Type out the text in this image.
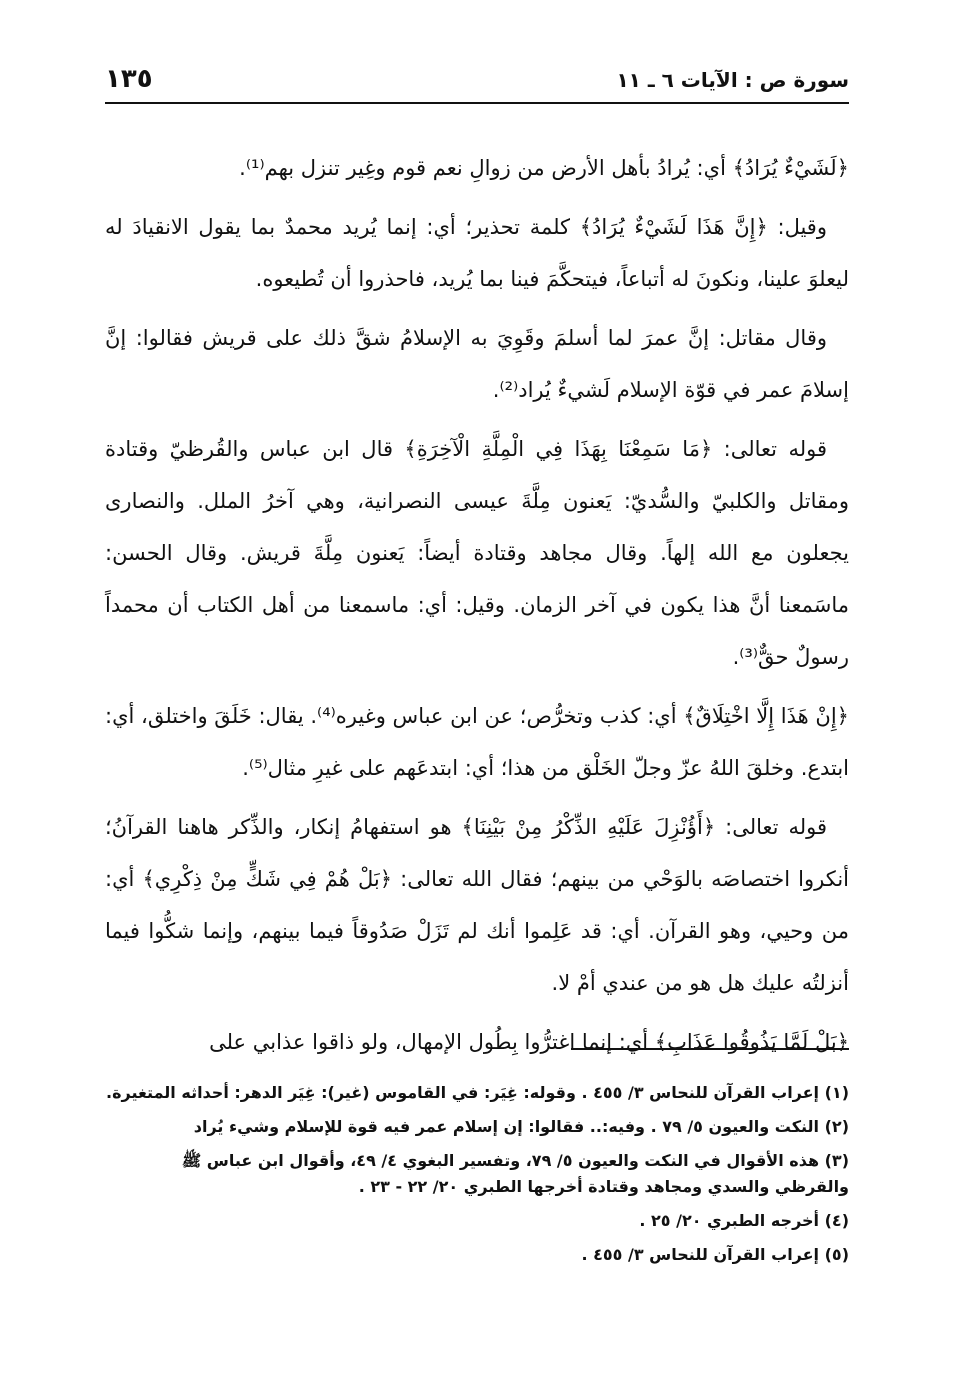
سورة ص : الآيات ٦ ـ ١١
١٣٥

﴿لَشَيْءٌ يُرَادُ﴾ أي: يُرادُ بأهل الأرض من زوالِ نعم قوم وغِير تنزل بهم⁽¹⁾.

وقيل: ﴿إِنَّ هَذَا لَشَيْءٌ يُرَادُ﴾ كلمة تحذير؛ أي: إنما يُريد محمدٌ بما يقول الانقيادَ له ليعلوَ علينا، ونكونَ له أتباعاً، فيتحكَّمَ فينا بما يُريد، فاحذروا أن تُطيعوه.

وقال مقاتل: إنَّ عمرَ لما أسلمَ وقَوِيَ به الإسلامُ شقَّ ذلك على قريش فقالوا: إنَّ إسلامَ عمر في قوّة الإسلام لَشيءٌ يُراد⁽²⁾.

قوله تعالى: ﴿مَا سَمِعْنَا بِهَذَا فِي الْمِلَّةِ الْآخِرَةِ﴾ قال ابن عباس والقُرظيّ وقتادة ومقاتل والكلبيّ والسُّديّ: يَعنون مِلَّةَ عيسى النصرانية، وهي آخرُ الملل. والنصارى يجعلون مع الله إلهاً. وقال مجاهد وقتادة أيضاً: يَعنون مِلَّةَ قريش. وقال الحسن: ماسَمعنا أنَّ هذا يكون في آخر الزمان. وقيل: أي: ماسمعنا من أهل الكتاب أن محمداً رسولٌ حقٌّ⁽³⁾.

﴿إِنْ هَذَا إِلَّا اخْتِلَاقٌ﴾ أي: كذب وتخرُّص؛ عن ابن عباس وغيره⁽⁴⁾. يقال: خَلَقَ واختلق، أي: ابتدع. وخلقَ اللهُ عزّ وجلّ الخَلْق من هذا؛ أي: ابتدعَهم على غيرِ مثال⁽⁵⁾.

قوله تعالى: ﴿أَؤُنْزِلَ عَلَيْهِ الذِّكْرُ مِنْ بَيْنِنَا﴾ هو استفهامُ إنكار، والذِّكر هاهنا القرآنُ؛ أنكروا اختصاصَه بالوَحْي من بينهم؛ فقال الله تعالى: ﴿بَلْ هُمْ فِي شَكٍّ مِنْ ذِكْرِي﴾ أي: من وحيي، وهو القرآن. أي: قد عَلِموا أنك لم تَزَلْ صَدُوقاً فيما بينهم، وإنما شكُّوا فيما أنزلتُه عليك هل هو من عندي أمْ لا.

﴿بَلْ لَمَّا يَذُوقُوا عَذَابِ﴾ أي: إنما اغترُّوا بِطُول الإمهال، ولو ذاقوا عذابي على

(١) إعراب القرآن للنحاس ٣/ ٤٥٥ . وقوله: غِيَر: في القاموس (غير): غِيَر الدهر: أحداثه المتغيرة.
(٢) النكت والعيون ٥/ ٧٩ . وفيه:.. فقالوا: إن إسلام عمر فيه قوة للإسلام وشيء يُراد
(٣) هذه الأقوال في النكت والعيون ٥/ ٧٩، وتفسير البغوي ٤/ ٤٩، وأقوال ابن عباس ﷺ والقرظي والسدي ومجاهد وقتادة أخرجها الطبري ٢٠/ ٢٢ - ٢٣ .
(٤) أخرجه الطبري ٢٠/ ٢٥ .
(٥) إعراب القرآن للنحاس ٣/ ٤٥٥ .
